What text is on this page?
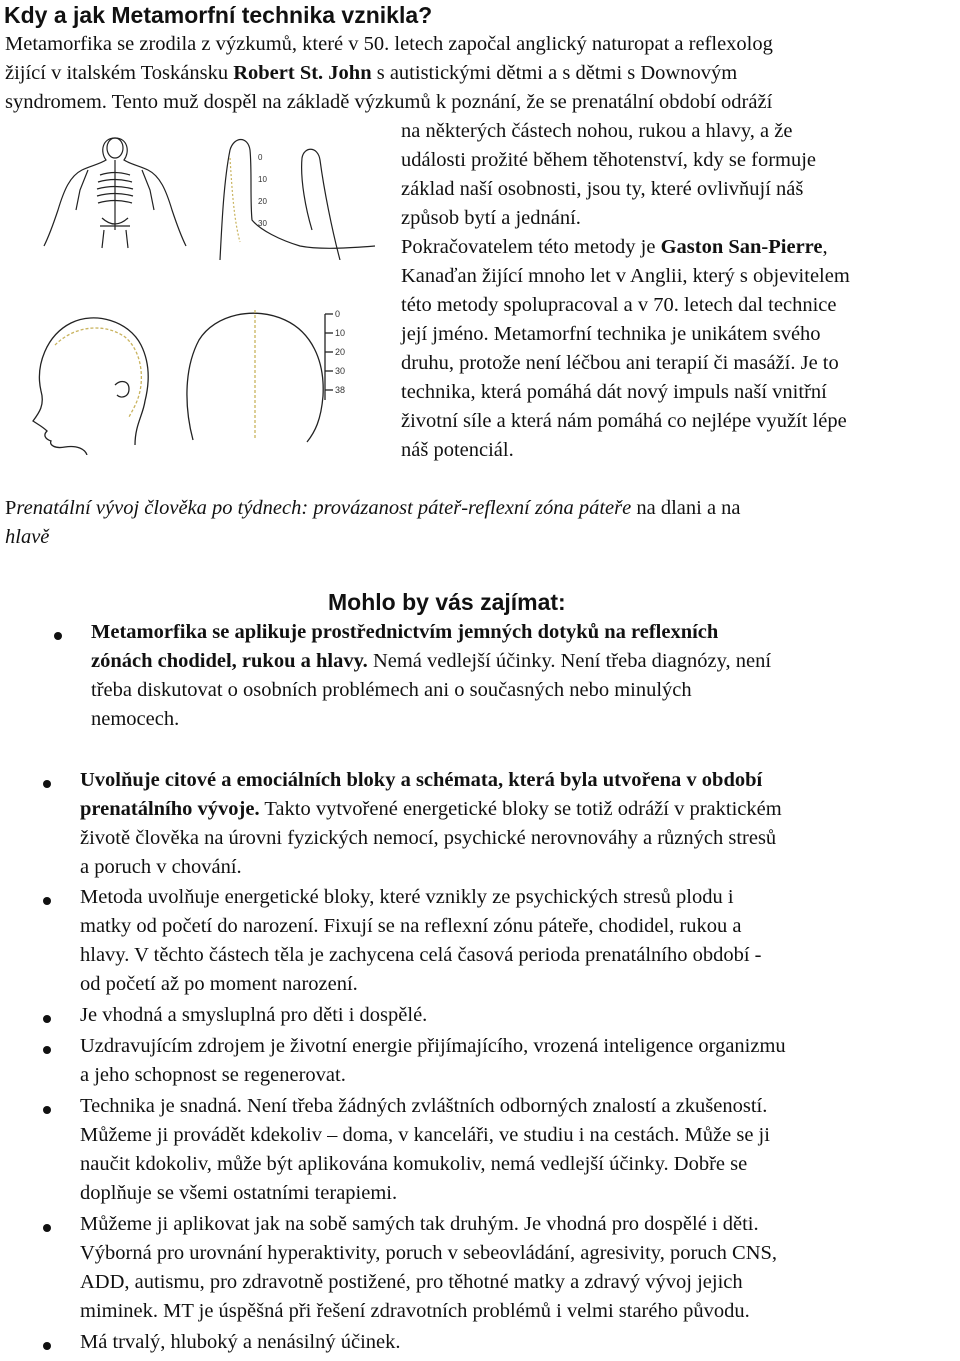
Kdy a jak Metamorfní technika vznikla?
Metamorfika se zrodila z výzkumů, které v 50. letech započal anglický naturopat a reflexolog
žijící v italském Toskánsku Robert St. John s autistickými dětmi a s dětmi s Downovým
syndromem. Tento muž dospěl na základě výzkumů k poznání, že se prenatální období odráží
na některých částech nohou, rukou a hlavy, a že
události prožité během těhotenství, kdy se formuje
základ naší osobnosti, jsou ty, které ovlivňují náš
způsob bytí a jednání.
Pokračovatelem této metody je Gaston San-Pierre,
Kanaďan žijící mnoho let v Anglii, který s objevitelem
této metody spolupracoval a v 70. letech dal technice
její jméno. Metamorfní technika je unikátem svého
druhu, protože není léčbou ani terapií či masáží. Je to
technika, která pomáhá dát nový impuls naší vnitřní
životní síle a která nám pomáhá co nejlépe využít lépe
náš potenciál.
0
10
20
30
0
10
20
30
38
Prenatální vývoj člověka po týdnech: provázanost páteř-reflexní zóna páteře na dlani a na
hlavě
Mohlo by vás zajímat:
Metamorfika se aplikuje prostřednictvím jemných dotyků na reflexních
zónách chodidel, rukou a hlavy. Nemá vedlejší účinky. Není třeba diagnózy, není
třeba diskutovat o osobních problémech ani o současných nebo minulých
nemocech.
Uvolňuje citové a emociálních bloky a schémata, která byla utvořena v období
prenatálního vývoje. Takto vytvořené energetické bloky se totiž odráží v praktickém
životě člověka na úrovni fyzických nemocí, psychické nerovnováhy a různých stresů
a poruch v chování.
Metoda uvolňuje energetické bloky, které vznikly ze psychických stresů plodu i
matky od početí do narození. Fixují se na reflexní zónu páteře, chodidel, rukou a
hlavy. V těchto částech těla je zachycena celá časová perioda prenatálního období -
od početí až po moment narození.
Je vhodná a smysluplná pro děti i dospělé.
Uzdravujícím zdrojem je životní energie přijímajícího, vrozená inteligence organizmu
a jeho schopnost se regenerovat.
Technika je snadná. Není třeba žádných zvláštních odborných znalostí a zkušeností.
Můžeme ji provádět kdekoliv – doma, v kanceláři, ve studiu i na cestách. Může se ji
naučit kdokoliv, může být aplikována komukoliv, nemá vedlejší účinky. Dobře se
doplňuje se všemi ostatními terapiemi.
Můžeme ji aplikovat jak na sobě samých tak druhým. Je vhodná pro dospělé i děti.
Výborná pro urovnání hyperaktivity, poruch v sebeovládání, agresivity, poruch CNS,
ADD, autismu, pro zdravotně postižené, pro těhotné matky a zdravý vývoj jejich
miminek. MT je úspěšná při řešení zdravotních problémů i velmi starého původu.
Má trvalý, hluboký a nenásilný účinek.
